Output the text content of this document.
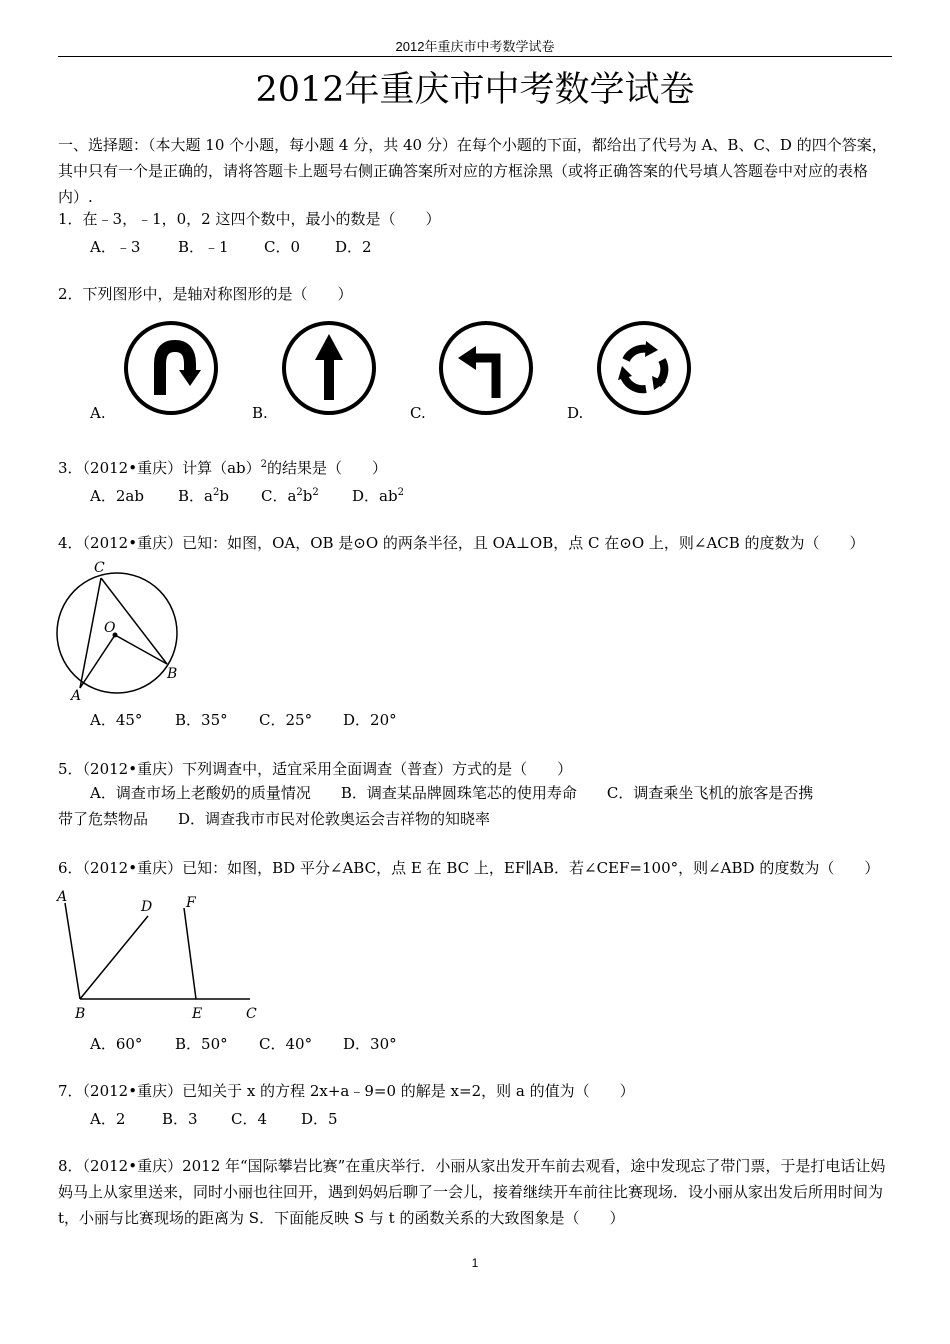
2012年重庆市中考数学试卷
2012年重庆市中考数学试卷
一、选择题：（本大题 10 个小题，每小题 4 分，共 40 分）在每个小题的下面，都给出了代号为 A、B、C、D 的四个答案，其中只有一个是正确的，请将答题卡上题号右侧正确答案所对应的方框涂黑（或将正确答案的代号填人答题卷中对应的表格内）.
1．在﹣3，﹣1，0，2 这四个数中，最小的数是（　　）
A．﹣3	B．﹣1 C．0 D．2
2．下列图形中，是轴对称图形的是（　　）
A.	B.	C.	D.
3．（2012•重庆）计算（ab）$^2$的结果是（　　）
A．2ab B．$a^2b$ C．$a^2b^2$ D．$ab^2$
4．（2012•重庆）已知：如图，OA，OB 是⊙O 的两条半径，且 OA⊥OB，点 C 在⊙O 上，则∠ACB 的度数为（　　）
C
O
A
B
A．45° B．35° C．25° D．20°
5．（2012•重庆）下列调查中，适宜采用全面调查（普查）方式的是（　　）
A．调查市场上老酸奶的质量情况　　B．调查某品牌圆珠笔芯的使用寿命　　C．调查乘坐飞机的旅客是否携
带了危禁物品　　D．调查我市市民对伦敦奥运会吉祥物的知晓率
6．（2012•重庆）已知：如图，BD 平分∠ABC，点 E 在 BC 上，EF∥AB．若∠CEF=100°，则∠ABD 的度数为（　　）
A
D F
B	E	C
A．60° B．50° C．40° D．30°
7．（2012•重庆）已知关于 x 的方程 2x+a﹣9=0 的解是 x=2，则 a 的值为（　　）
A．2 B．3 C．4 D．5
8．（2012•重庆）2012 年“国际攀岩比赛”在重庆举行．小丽从家出发开车前去观看，途中发现忘了带门票，于是打电话让妈妈马上从家里送来，同时小丽也往回开，遇到妈妈后聊了一会儿，接着继续开车前往比赛现场．设小丽从家出发后所用时间为 t，小丽与比赛现场的距离为 S．下面能反映 S 与 t 的函数关系的大致图象是（　　）
1
